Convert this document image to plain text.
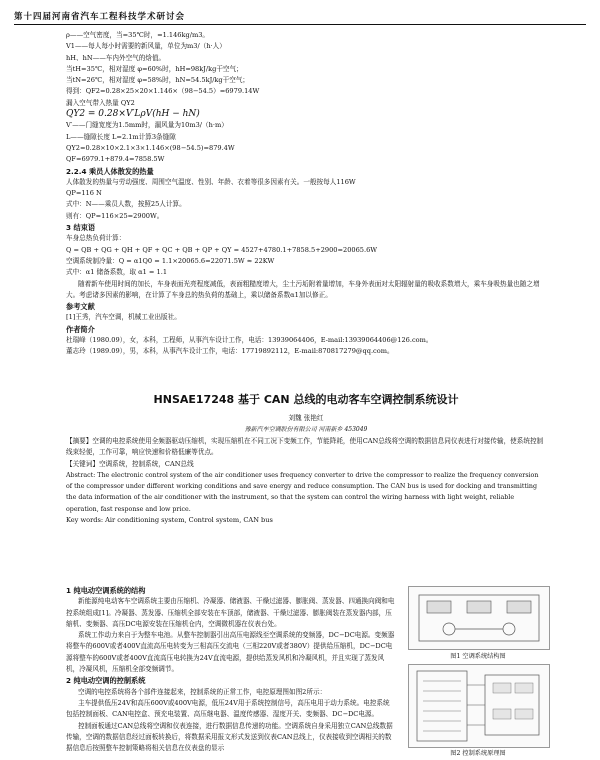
第十四届河南省汽车工程科技学术研讨会
ρ——空气密度，当=35℃时，=1.146kg/m3。
V1——每人每小时需要的新风量，单位为m3/（h·人）
hH、hN——车内外空气的焓值。
当tH=35℃，相对湿度 φ=60%时，hH=98kJ/kg干空气；
当tN=26℃，相对湿度 φ=58%时，hN=54.5kJ/kg干空气；
得到：QF2=0.28×25×20×1.146×（98−54.5）=6979.14W
漏入空气带入热量 QY2
QY2 = 0.28×V′LρV(hH − hN)
V′——门缝宽度为1.5mm时，漏风量为10m3/（h·m）
L——缝隙长度 L=2.1m计算3条缝隙
QY2=0.28×10×2.1×3×1.146×(98−54.5)=879.4W
QF=6979.1+879.4=7858.5W
2.2.4 乘员人体散发的热量
人体散发的热量与劳动强度、周围空气温度、性别、年龄、衣着等很多因素有关。一般按每人116W
QP=116 N
式中：N——乘员人数，按照25人计算。
则有：QP=116×25=2900W。
3 结束语
车身总热负荷计算：
Q = QB + QG + QH + QF + QC + QB + QP + QY = 4527+4780.1+7858.5+2900=20065.6W
空调系统制冷量：Q = α1Q0 = 1.1×20065.6=22071.5W ≈ 22KW
式中：α1 储备系数，取 α1 = 1.1
随着新车使用时间的加长，车身表面光亮程度减低，表面粗糙度增大，尘土污垢附着量增加，车身外表面对太阳辐射量的吸收系数增大，乘车身吸热量也随之增大。考虑诸多因素的影响，在计算了车身总的热负荷的基础上，乘以储备系数α1加以修正。
参考文献
[1]王秀，汽车空调，机械工业出版社。
作者简介
杜瑞峰（1980.09），女，本科，工程师，从事汽车设计工作，电话：13939064406，E-mail:13939064406@126.com。
董志玲（1989.09），男，本科，从事汽车设计工作，电话：17719892112，E-mail:870817279@qq.com。
HNSAE17248 基于 CAN 总线的电动客车空调控制系统设计
刘魏 张艳红
豫新汽车空调股份有限公司 河南新乡 453049

【摘要】空调的电控系统使用全频器驱动压缩机，实现压缩机在不同工况下变频工作，节能降耗，使用CAN总线将空调的数据信息同仪表进行对接传输，使系统控制线束轻便，工作可靠，响应快速和价格低廉等优点。

【关键词】空调系统，控制系统，CAN总线

Abstract: The electronic control system of the air conditioner uses frequency converter to drive the compressor to realize the frequency conversion of the compressor under different working conditions and save energy and reduce consumption. The CAN bus is used for docking and transmitting the data information of the air conditioner with the instrument, so that the system can control the wiring harness with light weight, reliable operation, fast response and low price.

Key words: Air conditioning system, Control system, CAN bus

1 纯电动空调系统的结构

新能源纯电动客车空调系统主要由压缩机、冷凝器、储液器、干燥过滤器、膨胀阀、蒸发器、四通换向阀和电控系统组成[1]。冷凝器、蒸发器、压缩机全部安装在车顶部，储液器、干燥过滤器、膨胀阀装在蒸发器内部，压缩机、变频器、高压DC电源安装在压缩机仓内，空调微机器在仪表台处。

系统工作动力来自于为整车电池。从整车控制器引出高压电源线至空调系统的变频器，DC−DC电源。变频器将整车的600V或者400V直流高压电转变为三相高压交流电（三相220V或者380V）提供给压缩机，DC−DC电源将整车的600V或者400V直流高压电转换为24V直流电源，提供给蒸发风机和冷凝风机，并且实现了蒸发风机，冷凝风机，压缩机全部变频调节。

2 纯电动空调的控制系统

空调的电控系统将各个部件连接起来，控制系统的正常工作，电控原理图如图2所示：

主车提供低压24V和高压600V或400V电源，低压24V用于系统控制信号，高压电用于动力系统。电控系统包括控制面板、CAN电控盒、预充电装置、高压继电器、温度传感器、湿度开关、变频器、DC−DC电源。

控制面板通过CAN总线将空调和仪表连接，进行数据信息传递的功能。空调系统自身采用独立CAN总线数据传输，空调的数据信息经过面板转换后，将数据采用报文形式发送到仪表CAN总线上，仪表接收到空调相关的数据信息后按照整车控制策略将相关信息在仪表盘的显示

图1 空调系统结构图
图2 控制系统原理图
